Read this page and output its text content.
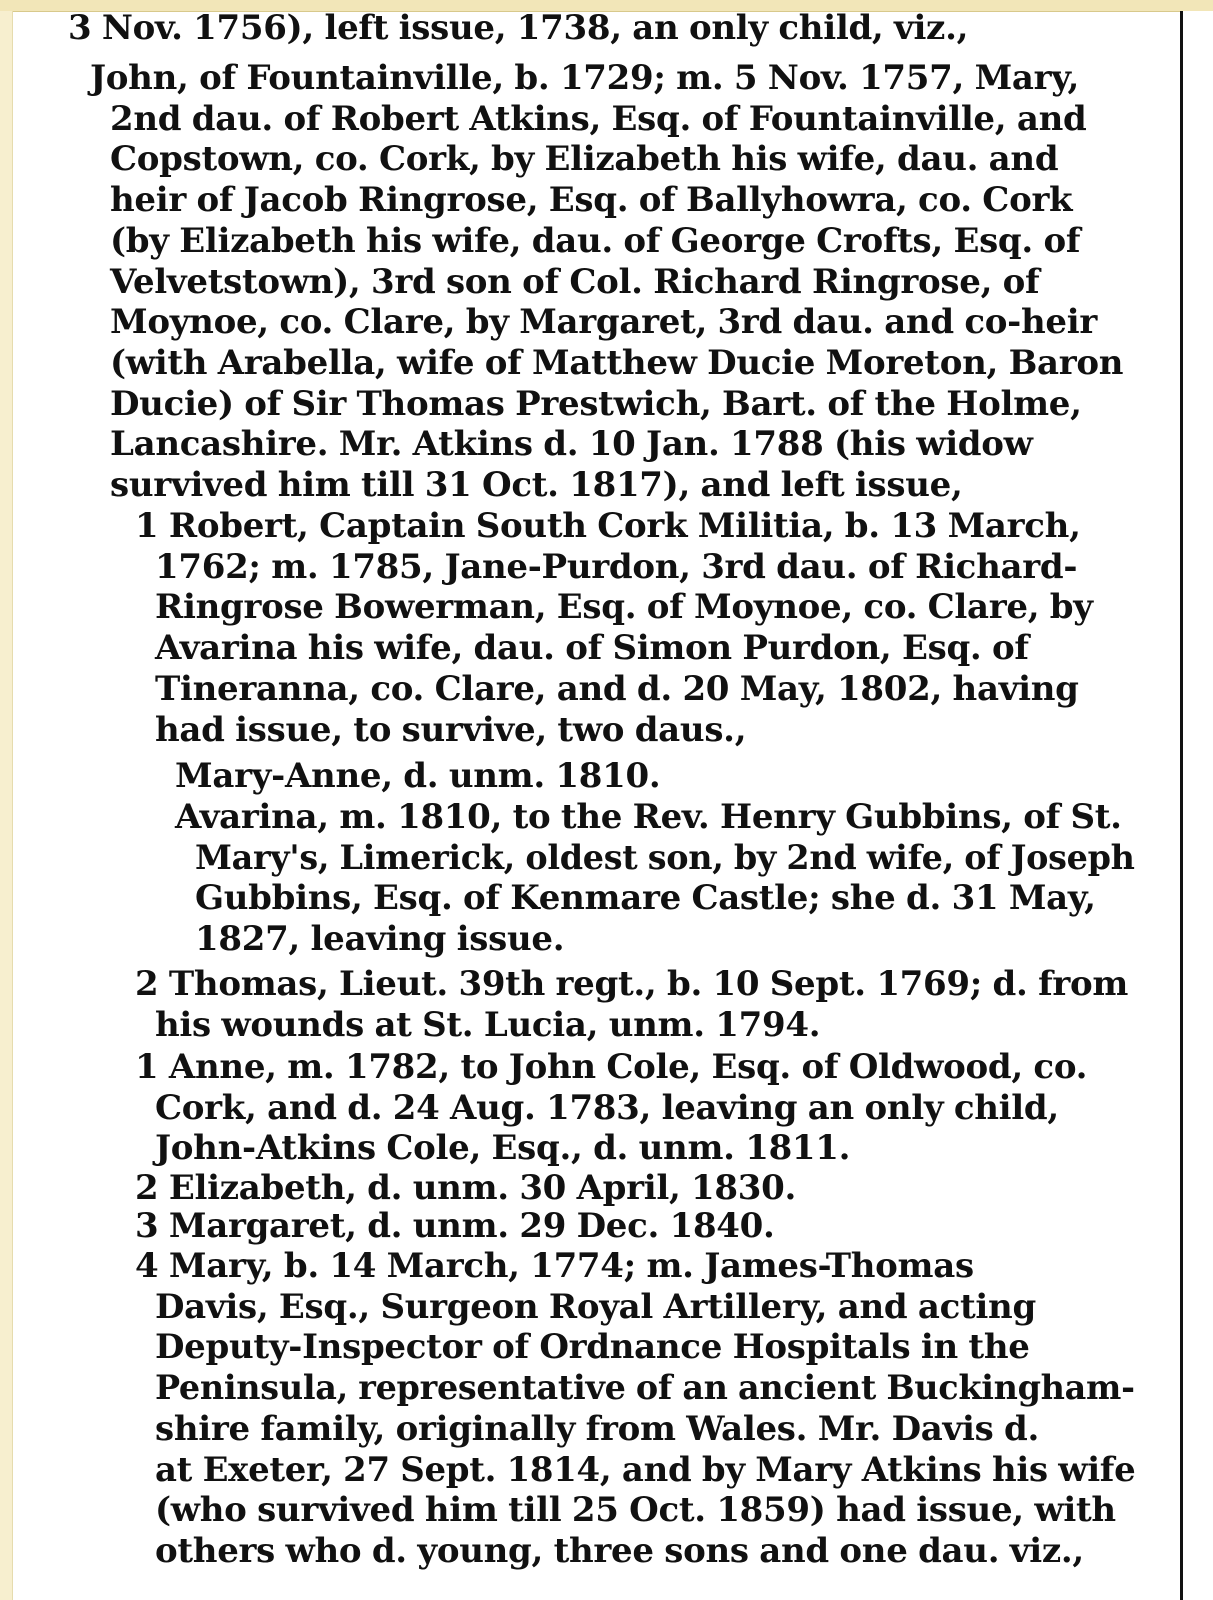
3 Nov. 1756), left issue, 1738, an only child, viz.,
John, of Fountainville, b. 1729; m. 5 Nov. 1757, Mary,
2nd dau. of Robert Atkins, Esq. of Fountainville, and
Copstown, co. Cork, by Elizabeth his wife, dau. and
heir of Jacob Ringrose, Esq. of Ballyhowra, co. Cork
(by Elizabeth his wife, dau. of George Crofts, Esq. of
Velvetstown), 3rd son of Col. Richard Ringrose, of
Moynoe, co. Clare, by Margaret, 3rd dau. and co-heir
(with Arabella, wife of Matthew Ducie Moreton, Baron
Ducie) of Sir Thomas Prestwich, Bart. of the Holme,
Lancashire. Mr. Atkins d. 10 Jan. 1788 (his widow
survived him till 31 Oct. 1817), and left issue,
1 Robert, Captain South Cork Militia, b. 13 March,
1762; m. 1785, Jane-Purdon, 3rd dau. of Richard-
Ringrose Bowerman, Esq. of Moynoe, co. Clare, by
Avarina his wife, dau. of Simon Purdon, Esq. of
Tineranna, co. Clare, and d. 20 May, 1802, having
had issue, to survive, two daus.,
Mary-Anne, d. unm. 1810.
Avarina, m. 1810, to the Rev. Henry Gubbins, of St.
Mary's, Limerick, oldest son, by 2nd wife, of Joseph
Gubbins, Esq. of Kenmare Castle; she d. 31 May,
1827, leaving issue.
2 Thomas, Lieut. 39th regt., b. 10 Sept. 1769; d. from
his wounds at St. Lucia, unm. 1794.
1 Anne, m. 1782, to John Cole, Esq. of Oldwood, co.
Cork, and d. 24 Aug. 1783, leaving an only child,
John-Atkins Cole, Esq., d. unm. 1811.
2 Elizabeth, d. unm. 30 April, 1830.
3 Margaret, d. unm. 29 Dec. 1840.
4 Mary, b. 14 March, 1774; m. James-Thomas
Davis, Esq., Surgeon Royal Artillery, and acting
Deputy-Inspector of Ordnance Hospitals in the
Peninsula, representative of an ancient Buckingham-
shire family, originally from Wales. Mr. Davis d.
at Exeter, 27 Sept. 1814, and by Mary Atkins his wife
(who survived him till 25 Oct. 1859) had issue, with
others who d. young, three sons and one dau. viz.,
